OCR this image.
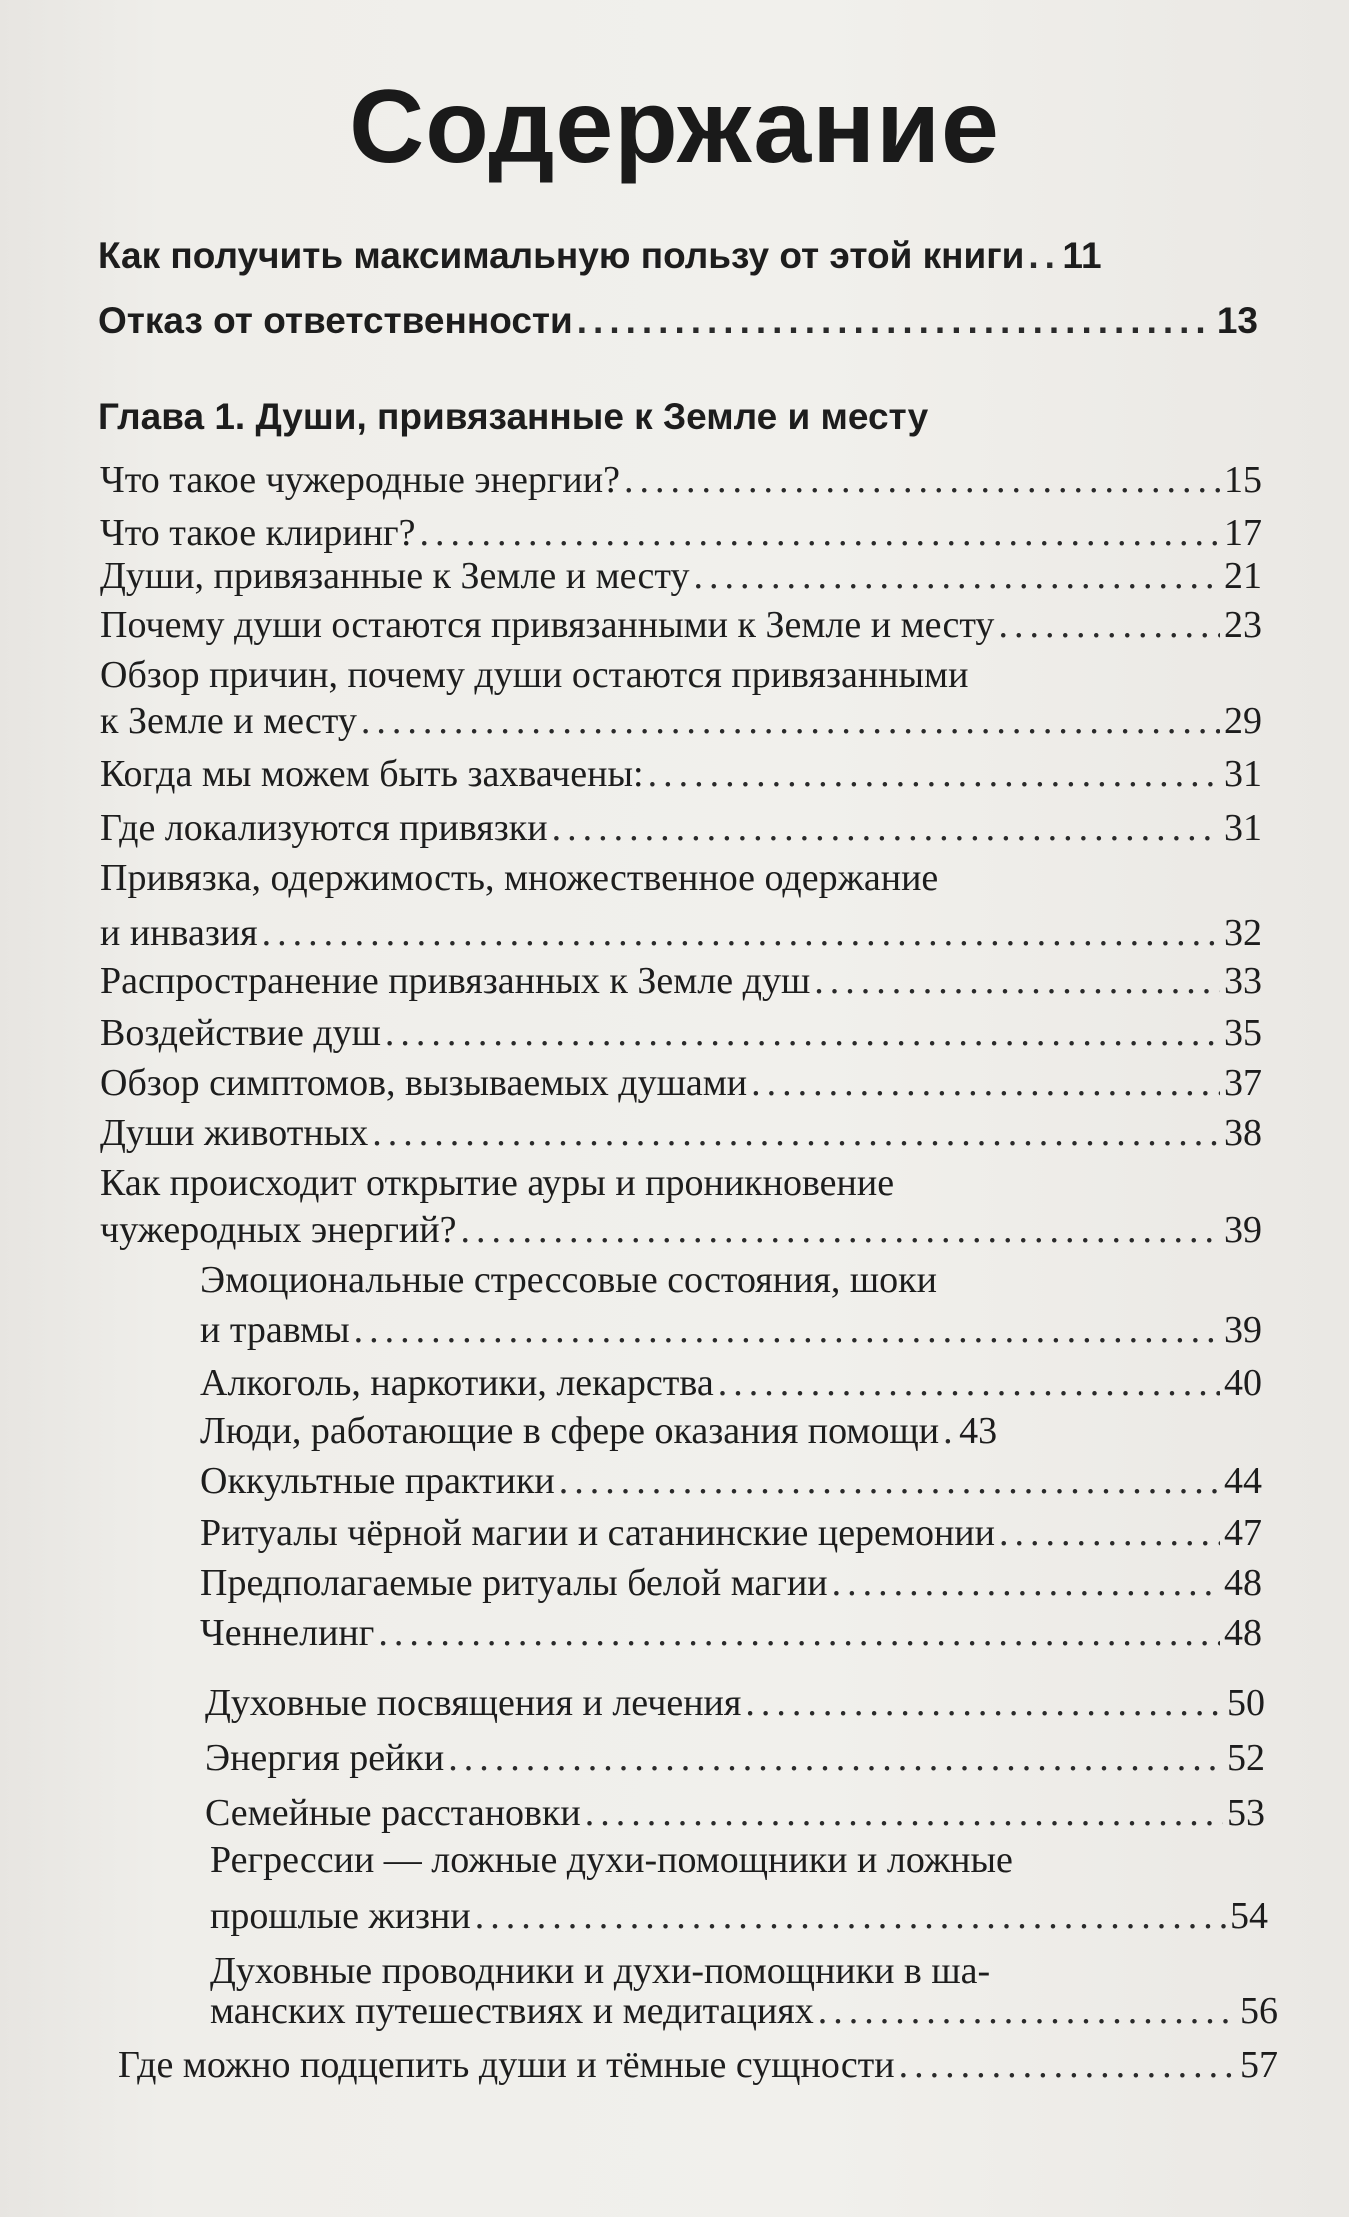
Содержание
Как получить максимальную пользу от этой книги ..... 11
Отказ от ответственности .....	13
Глава 1. Души, привязанные к Земле и месту
Что такое чужеродные энергии? .....	15
Что такое клиринг? .....	17
Души, привязанные к Земле и месту .....	21
Почему души остаются привязанными к Земле и месту .....	23
Обзор причин, почему души остаются привязанными
к Земле и месту .....	29
Когда мы можем быть захвачены: .....	31
Где локализуются привязки .....	31
Привязка, одержимость, множественное одержание
и инвазия .....	32
Распространение привязанных к Земле душ .....	33
Воздействие душ .....	35
Обзор симптомов, вызываемых душами .....	37
Души животных .....	38
Как происходит открытие ауры и проникновение
чужеродных энергий? .....	39
Эмоциональные стрессовые состояния, шоки
и травмы .....	39
Алкоголь, наркотики, лекарства .....	40
Люди, работающие в сфере оказания помощи ..... 43
Оккультные практики .....	44
Ритуалы чёрной магии и сатанинские церемонии .....	47
Предполагаемые ритуалы белой магии .....	48
Ченнелинг .....	48
Духовные посвящения и лечения .....	50
Энергия рейки .....	52
Семейные расстановки .....	53
Регрессии — ложные духи-помощники и ложные
прошлые жизни .....	54
Духовные проводники и духи-помощники в ша-
манских путешествиях и медитациях .....	56
Где можно подцепить души и тёмные сущности .....	57
